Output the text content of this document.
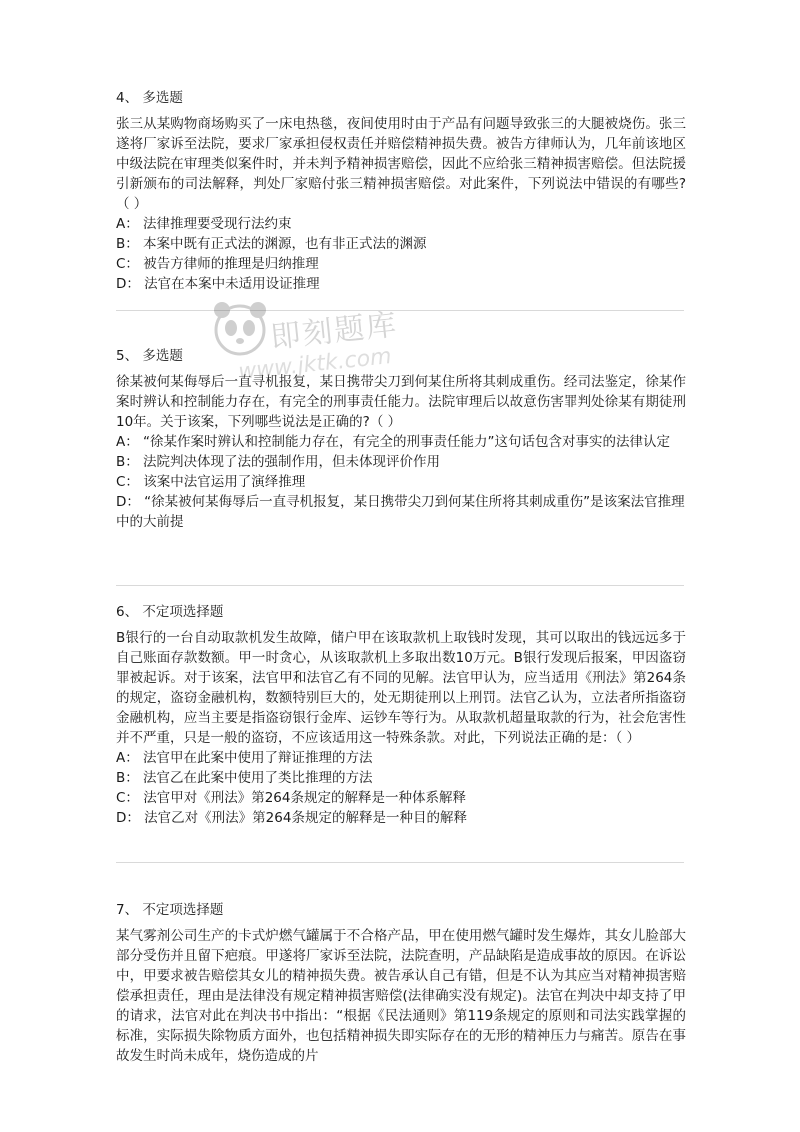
4、 多选题

张三从某购物商场购买了一床电热毯，夜间使用时由于产品有问题导致张三的大腿被烧伤。张三遂将厂家诉至法院，要求厂家承担侵权责任并赔偿精神损失费。被告方律师认为，几年前该地区中级法院在审理类似案件时，并未判予精神损害赔偿，因此不应给张三精神损害赔偿。但法院援引新颁布的司法解释，判处厂家赔付张三精神损害赔偿。对此案件，下列说法中错误的有哪些?（ ）

A： 法律推理要受现行法约束

B： 本案中既有正式法的渊源，也有非正式法的渊源

C： 被告方律师的推理是归纳推理

D： 法官在本案中未适用设证推理

5、 多选题

徐某被何某侮辱后一直寻机报复，某日携带尖刀到何某住所将其刺成重伤。经司法鉴定，徐某作案时辨认和控制能力存在，有完全的刑事责任能力。法院审理后以故意伤害罪判处徐某有期徒刑10年。关于该案，下列哪些说法是正确的?（ ）

A： “徐某作案时辨认和控制能力存在，有完全的刑事责任能力”这句话包含对事实的法律认定

B： 法院判决体现了法的强制作用，但未体现评价作用

C： 该案中法官运用了演绎推理

D： “徐某被何某侮辱后一直寻机报复，某日携带尖刀到何某住所将其刺成重伤”是该案法官推理中的大前提

6、 不定项选择题

B银行的一台自动取款机发生故障，储户甲在该取款机上取钱时发现，其可以取出的钱远远多于自己账面存款数额。甲一时贪心，从该取款机上多取出数10万元。B银行发现后报案，甲因盗窃罪被起诉。对于该案，法官甲和法官乙有不同的见解。法官甲认为，应当适用《刑法》第264条的规定，盗窃金融机构，数额特别巨大的，处无期徒刑以上刑罚。法官乙认为，立法者所指盗窃金融机构，应当主要是指盗窃银行金库、运钞车等行为。从取款机超量取款的行为，社会危害性并不严重，只是一般的盗窃，不应该适用这一特殊条款。对此，下列说法正确的是：（ ）

A： 法官甲在此案中使用了辩证推理的方法

B： 法官乙在此案中使用了类比推理的方法

C： 法官甲对《刑法》第264条规定的解释是一种体系解释

D： 法官乙对《刑法》第264条规定的解释是一种目的解释

7、 不定项选择题

某气雾剂公司生产的卡式炉燃气罐属于不合格产品，甲在使用燃气罐时发生爆炸，其女儿脸部大部分受伤并且留下疤痕。甲遂将厂家诉至法院，法院查明，产品缺陷是造成事故的原因。在诉讼中，甲要求被告赔偿其女儿的精神损失费。被告承认自己有错，但是不认为其应当对精神损害赔偿承担责任，理由是法律没有规定精神损害赔偿(法律确实没有规定)。法官在判决中却支持了甲的请求，法官对此在判决书中指出：“根据《民法通则》第119条规定的原则和司法实践掌握的标准，实际损失除物质方面外，也包括精神损失即实际存在的无形的精神压力与痛苦。原告在事故发生时尚未成年，烧伤造成的片

即刻题库
www.jktk.com
